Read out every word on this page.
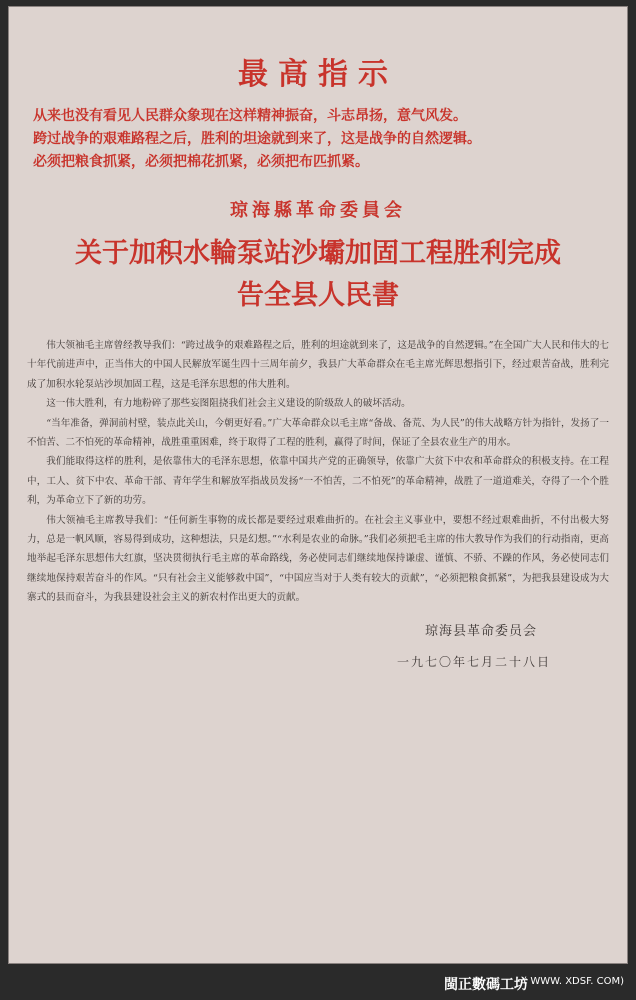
最高指示
从来也没有看见人民群众象现在这样精神振奋，斗志昂扬，意气风发。
跨过战争的艰难路程之后，胜利的坦途就到来了，这是战争的自然逻辑。
必须把粮食抓紧，必须把棉花抓紧，必须把布匹抓紧。
琼海縣革命委員会
关于加积水輪泵站沙壩加固工程胜利完成
告全县人民書

伟大领袖毛主席曾经教导我们：“跨过战争的艰难路程之后，胜利的坦途就到来了，这是战争的自然逻辑。”在全国广大人民和伟大的七十年代前进声中，正当伟大的中国人民解放军诞生四十三周年前夕，我县广大革命群众在毛主席光辉思想指引下，经过艰苦奋战，胜利完成了加积水轮泵站沙坝加固工程，这是毛泽东思想的伟大胜利。

这一伟大胜利，有力地粉碎了那些妄图阻挠我们社会主义建设的阶级敌人的破坏活动。

“当年准备，弹洞前村壁，装点此关山，今朝更好看。”广大革命群众以毛主席“备战、备荒、为人民”的伟大战略方针为指针，发扬了一不怕苦、二不怕死的革命精神，战胜重重困难，终于取得了工程的胜利，赢得了时间，保证了全县农业生产的用水。

我们能取得这样的胜利，是依靠伟大的毛泽东思想，依靠中国共产党的正确领导，依靠广大贫下中农和革命群众的积极支持。在工程中，工人、贫下中农、革命干部、青年学生和解放军指战员发扬“一不怕苦，二不怕死”的革命精神，战胜了一道道难关，夺得了一个个胜利，为革命立下了新的功劳。

伟大领袖毛主席教导我们：“任何新生事物的成长都是要经过艰难曲折的。在社会主义事业中，要想不经过艰难曲折，不付出极大努力，总是一帆风顺，容易得到成功，这种想法，只是幻想。”“水利是农业的命脉。”我们必须把毛主席的伟大教导作为我们的行动指南，更高地举起毛泽东思想伟大红旗，坚决贯彻执行毛主席的革命路线，务必使同志们继续地保持谦虚、谨慎、不骄、不躁的作风，务必使同志们继续地保持艰苦奋斗的作风。“只有社会主义能够救中国”，“中国应当对于人类有较大的贡献”，“必须把粮食抓紧”，为把我县建设成为大寨式的县而奋斗，为我县建设社会主义的新农村作出更大的贡献。

琼海县革命委员会
一九七〇年七月二十八日
閩正數碼工坊
( WWW. XDSF. COM)
